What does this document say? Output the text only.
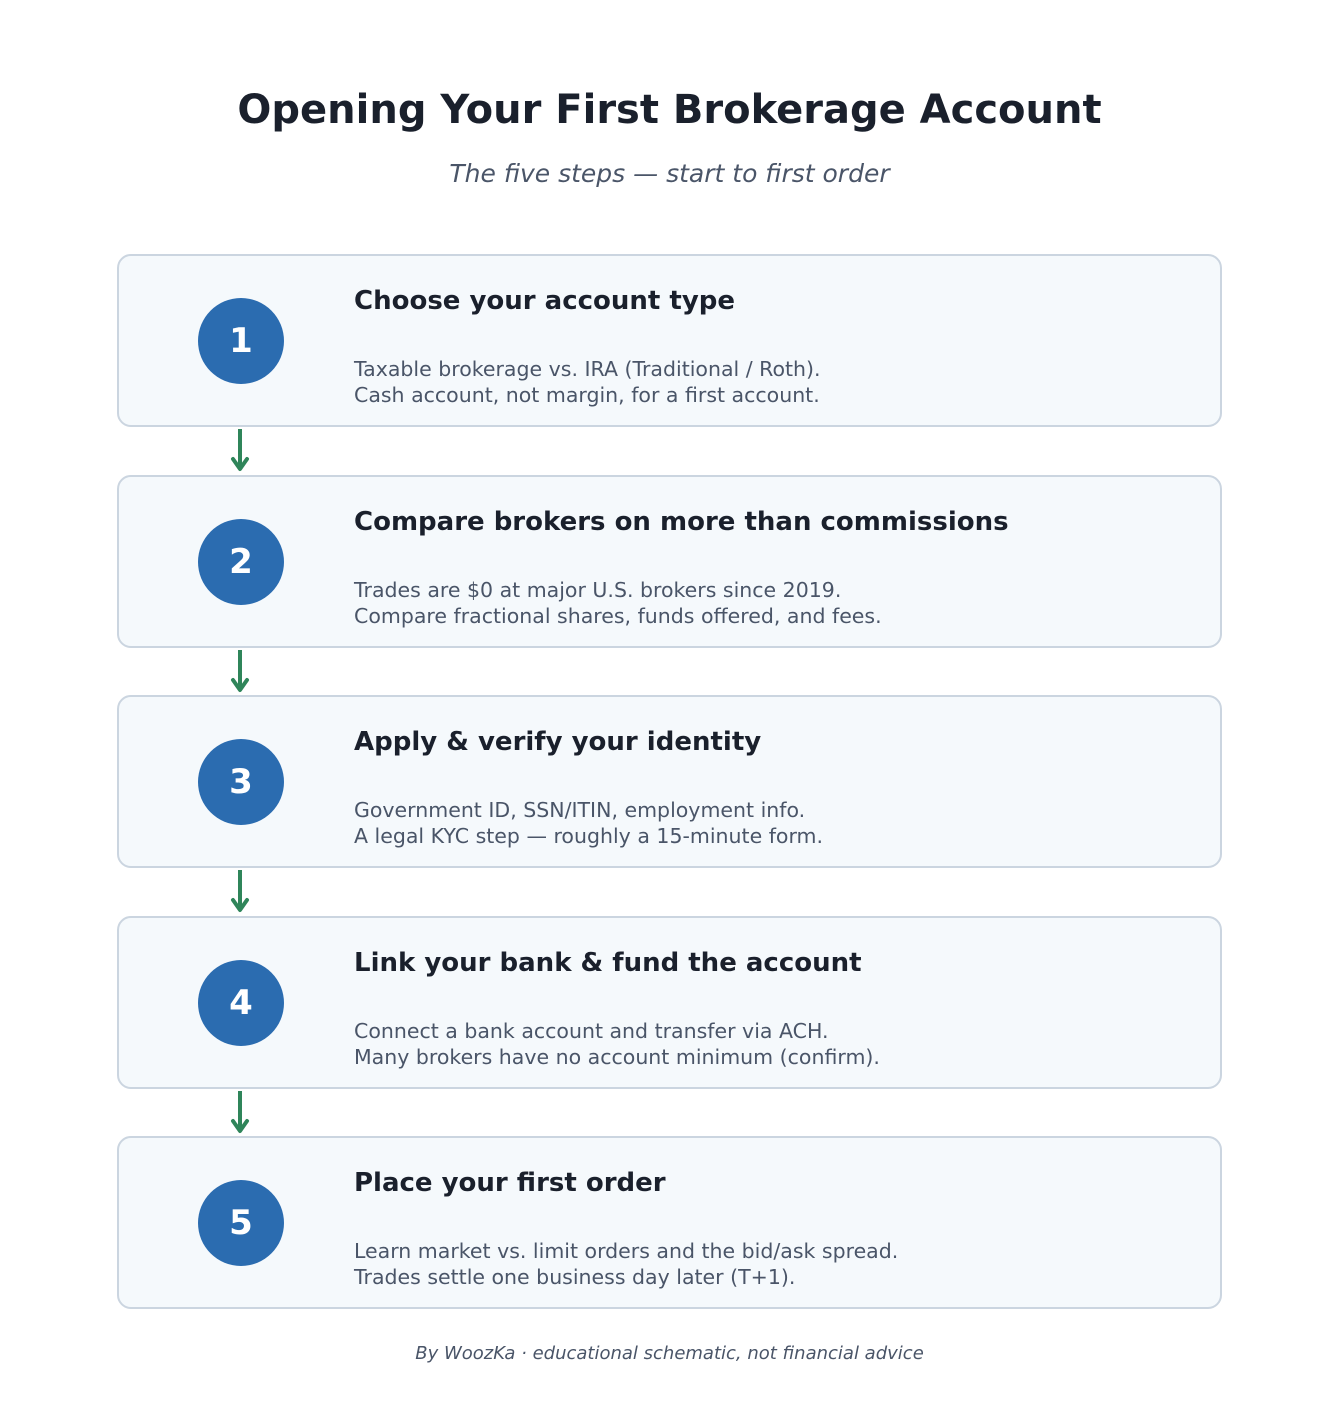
Opening Your First Brokerage Account
The five steps — start to first order
1
Choose your account type
Taxable brokerage vs. IRA (Traditional / Roth).
Cash account, not margin, for a first account.
2
Compare brokers on more than commissions
Trades are $0 at major U.S. brokers since 2019.
Compare fractional shares, funds offered, and fees.
3
Apply & verify your identity
Government ID, SSN/ITIN, employment info.
A legal KYC step — roughly a 15-minute form.
4
Link your bank & fund the account
Connect a bank account and transfer via ACH.
Many brokers have no account minimum (confirm).
5
Place your first order
Learn market vs. limit orders and the bid/ask spread.
Trades settle one business day later (T+1).
By WoozKa · educational schematic, not financial advice
